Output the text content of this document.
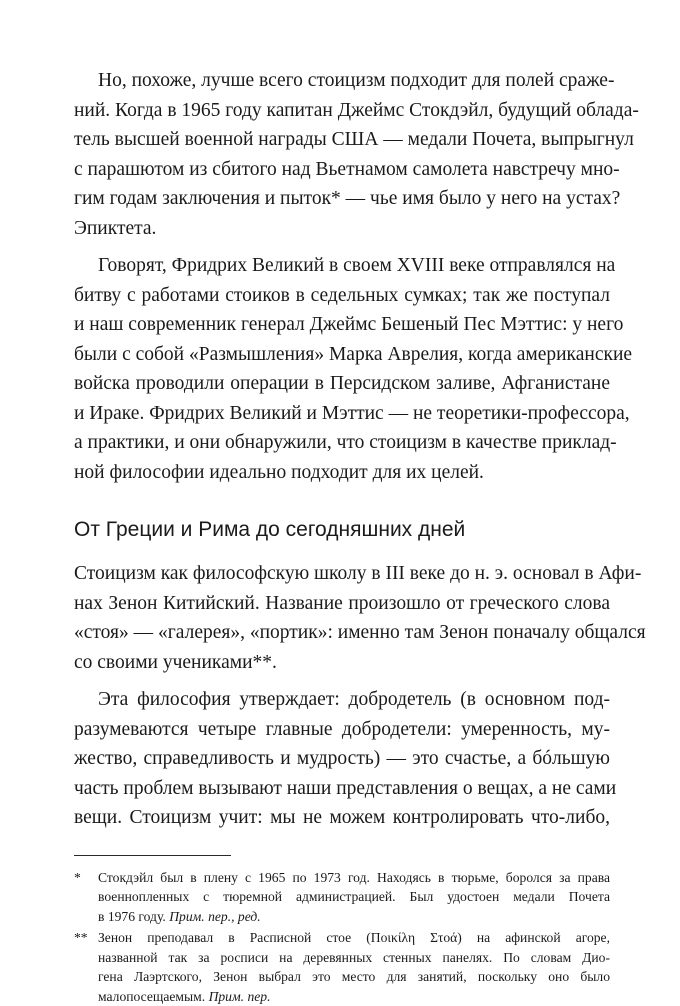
Но, похоже, лучше всего стоицизм подходит для полей сраже-
ний. Когда в 1965 году капитан Джеймс Стокдэйл, будущий облада-
тель высшей военной награды США — медали Почета, выпрыгнул
с парашютом из сбитого над Вьетнамом самолета навстречу мно-
гим годам заключения и пыток* — чье имя было у него на устах?
Эпиктета.
Говорят, Фридрих Великий в своем XVIII веке отправлялся на
битву с работами стоиков в седельных сумках; так же поступал
и наш современник генерал Джеймс Бешеный Пес Мэттис: у него
были с собой «Размышления» Марка Аврелия, когда американские
войска проводили операции в Персидском заливе, Афганистане
и Ираке. Фридрих Великий и Мэттис — не теоретики-профессора,
а практики, и они обнаружили, что стоицизм в качестве приклад-
ной философии идеально подходит для их целей.
От Греции и Рима до сегодняшних дней
Стоицизм как философскую школу в III веке до н. э. основал в Афи-
нах Зенон Китийский. Название произошло от греческого слова
«стоя» — «галерея», «портик»: именно там Зенон поначалу общался
со своими учениками**.
Эта философия утверждает: добродетель (в основном под-
разумеваются четыре главные добродетели: умеренность, му-
жество, справедливость и мудрость) — это счастье, а бóльшую
часть проблем вызывают наши представления о вещах, а не сами
вещи. Стоицизм учит: мы не можем контролировать что-либо,
*	Стокдэйл был в плену с 1965 по 1973 год. Находясь в тюрьме, боролся за права
военнопленных с тюремной администрацией. Был удостоен медали Почета
в 1976 году. Прим. пер., ред.
** Зенон преподавал в Расписной стое (Ποικίλη Στοά) на афинской агоре,
названной так за росписи на деревянных стенных панелях. По словам Дио-
гена Лаэртского, Зенон выбрал это место для занятий, поскольку оно было
малопосещаемым. Прим. пер.
